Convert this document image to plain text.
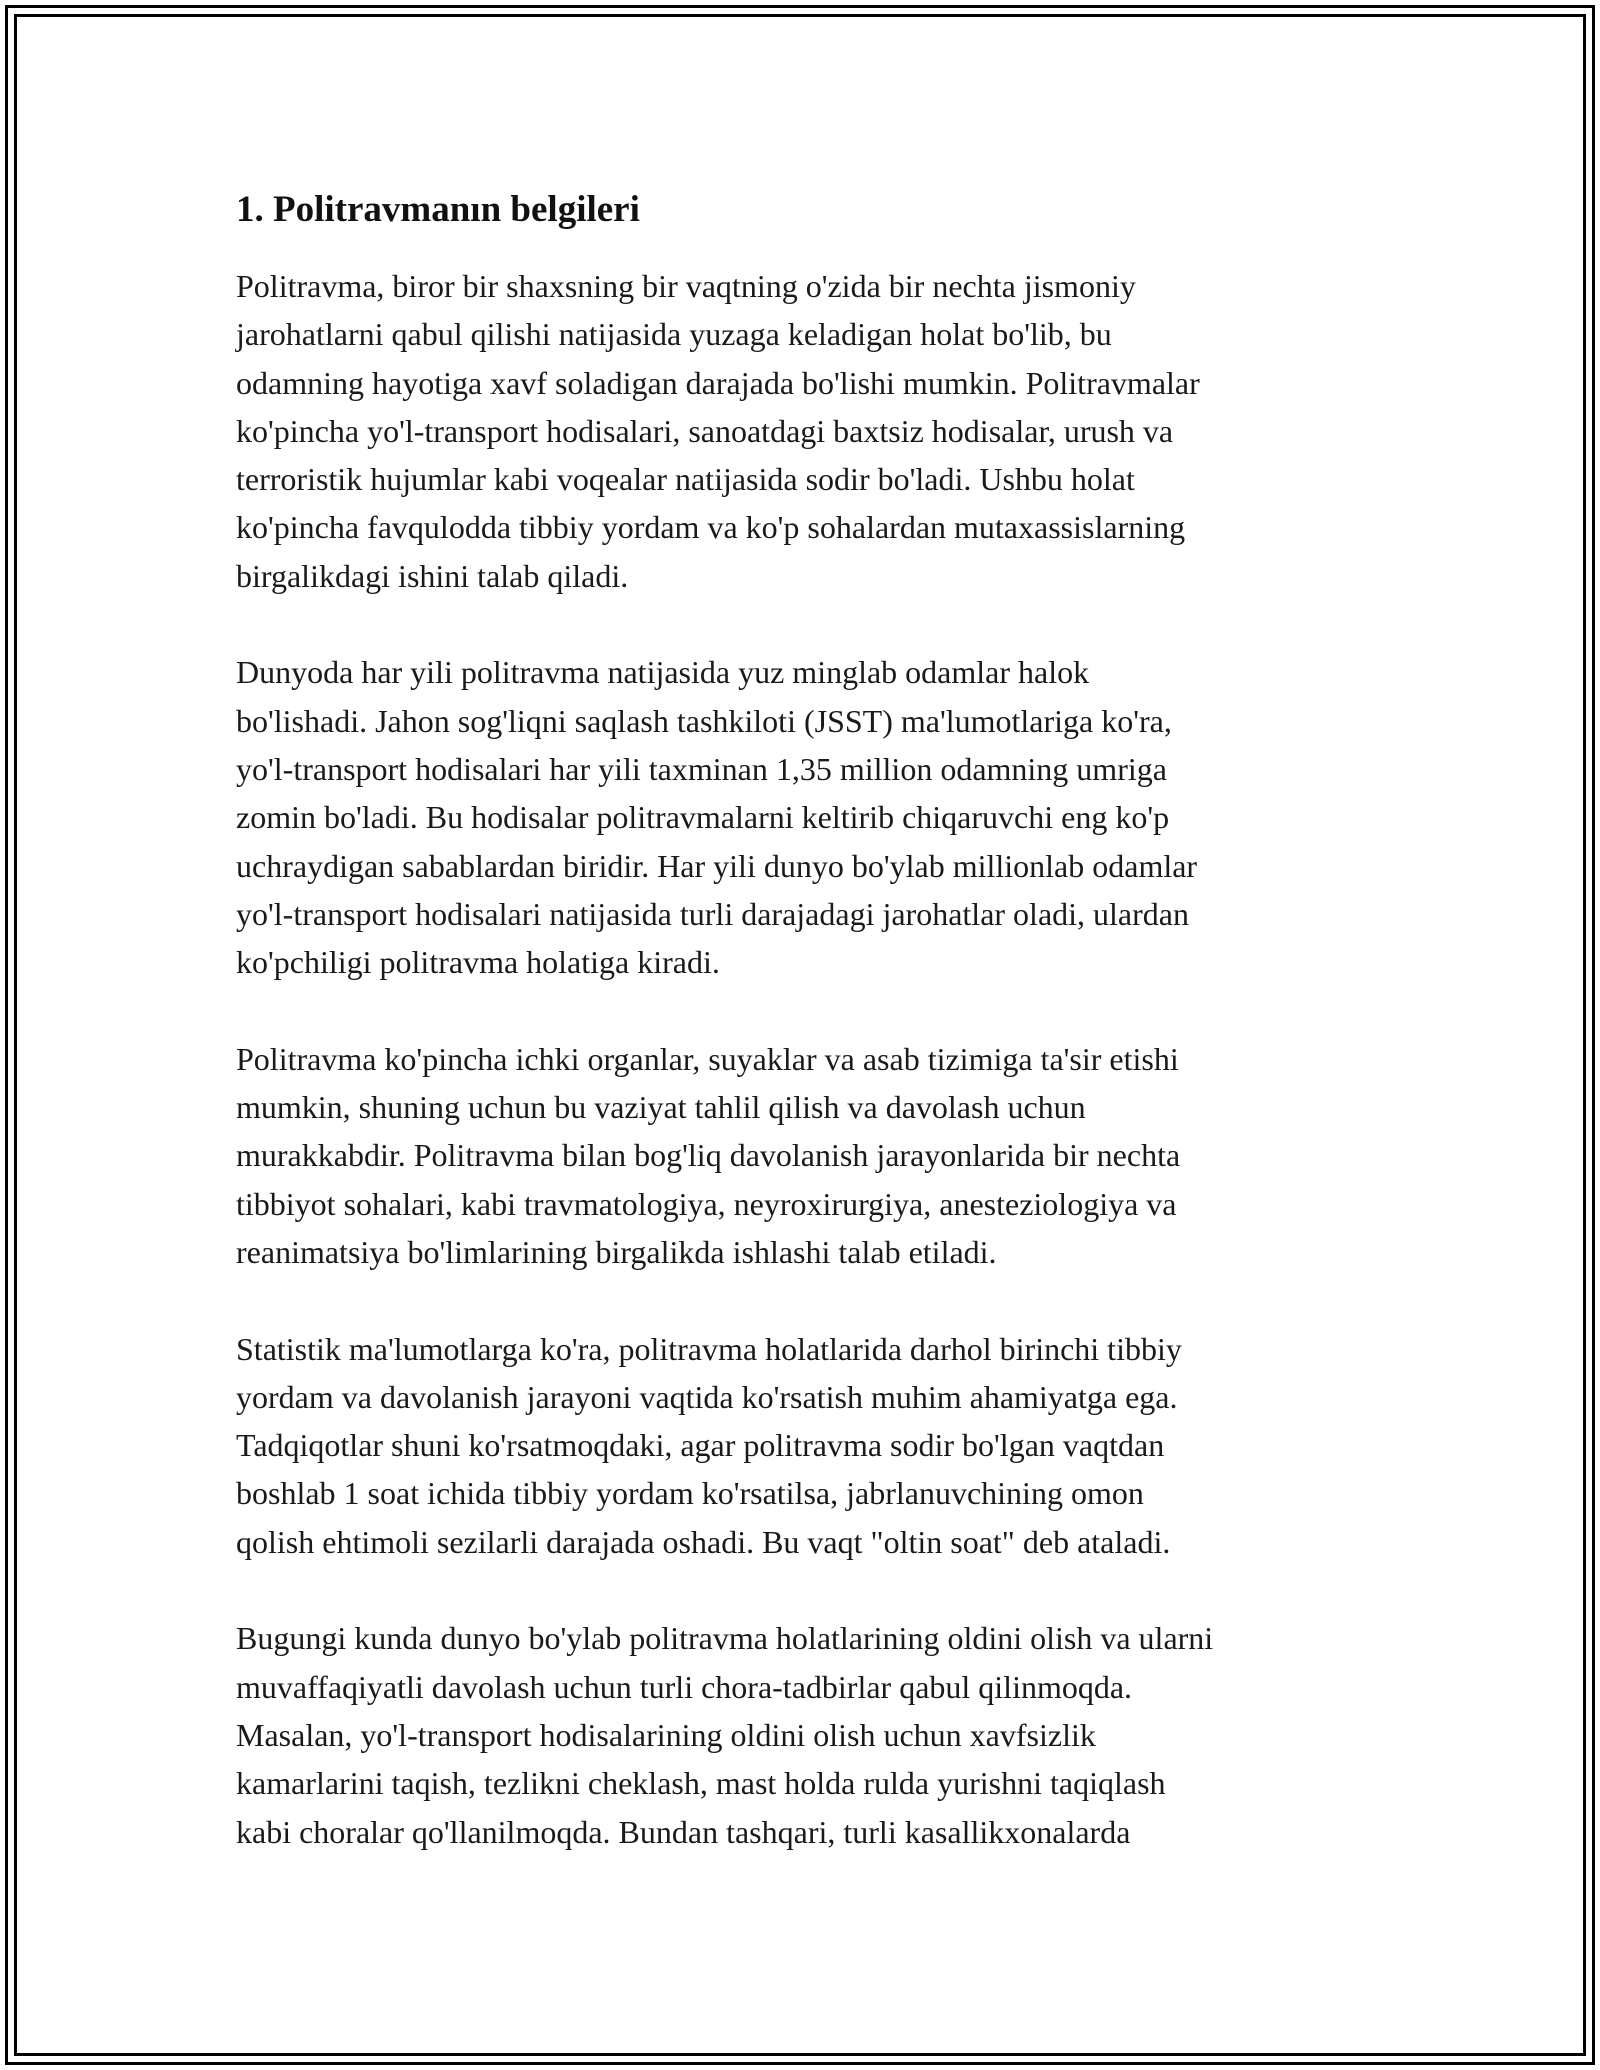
1. Politravmanın belgileri

Politravma, biror bir shaxsning bir vaqtning o'zida bir nechta jismoniy
jarohatlarni qabul qilishi natijasida yuzaga keladigan holat bo'lib, bu
odamning hayotiga xavf soladigan darajada bo'lishi mumkin. Politravmalar
ko'pincha yo'l-transport hodisalari, sanoatdagi baxtsiz hodisalar, urush va
terroristik hujumlar kabi voqealar natijasida sodir bo'ladi. Ushbu holat
ko'pincha favqulodda tibbiy yordam va ko'p sohalardan mutaxassislarning
birgalikdagi ishini talab qiladi.

Dunyoda har yili politravma natijasida yuz minglab odamlar halok
bo'lishadi. Jahon sog'liqni saqlash tashkiloti (JSST) ma'lumotlariga ko'ra,
yo'l-transport hodisalari har yili taxminan 1,35 million odamning umriga
zomin bo'ladi. Bu hodisalar politravmalarni keltirib chiqaruvchi eng ko'p
uchraydigan sabablardan biridir. Har yili dunyo bo'ylab millionlab odamlar
yo'l-transport hodisalari natijasida turli darajadagi jarohatlar oladi, ulardan
ko'pchiligi politravma holatiga kiradi.

Politravma ko'pincha ichki organlar, suyaklar va asab tizimiga ta'sir etishi
mumkin, shuning uchun bu vaziyat tahlil qilish va davolash uchun
murakkabdir. Politravma bilan bog'liq davolanish jarayonlarida bir nechta
tibbiyot sohalari, kabi travmatologiya, neyroxirurgiya, anesteziologiya va
reanimatsiya bo'limlarining birgalikda ishlashi talab etiladi.

Statistik ma'lumotlarga ko'ra, politravma holatlarida darhol birinchi tibbiy
yordam va davolanish jarayoni vaqtida ko'rsatish muhim ahamiyatga ega.
Tadqiqotlar shuni ko'rsatmoqdaki, agar politravma sodir bo'lgan vaqtdan
boshlab 1 soat ichida tibbiy yordam ko'rsatilsa, jabrlanuvchining omon
qolish ehtimoli sezilarli darajada oshadi. Bu vaqt "oltin soat" deb ataladi.

Bugungi kunda dunyo bo'ylab politravma holatlarining oldini olish va ularni
muvaffaqiyatli davolash uchun turli chora-tadbirlar qabul qilinmoqda.
Masalan, yo'l-transport hodisalarining oldini olish uchun xavfsizlik
kamarlarini taqish, tezlikni cheklash, mast holda rulda yurishni taqiqlash
kabi choralar qo'llanilmoqda. Bundan tashqari, turli kasallikxonalarda
